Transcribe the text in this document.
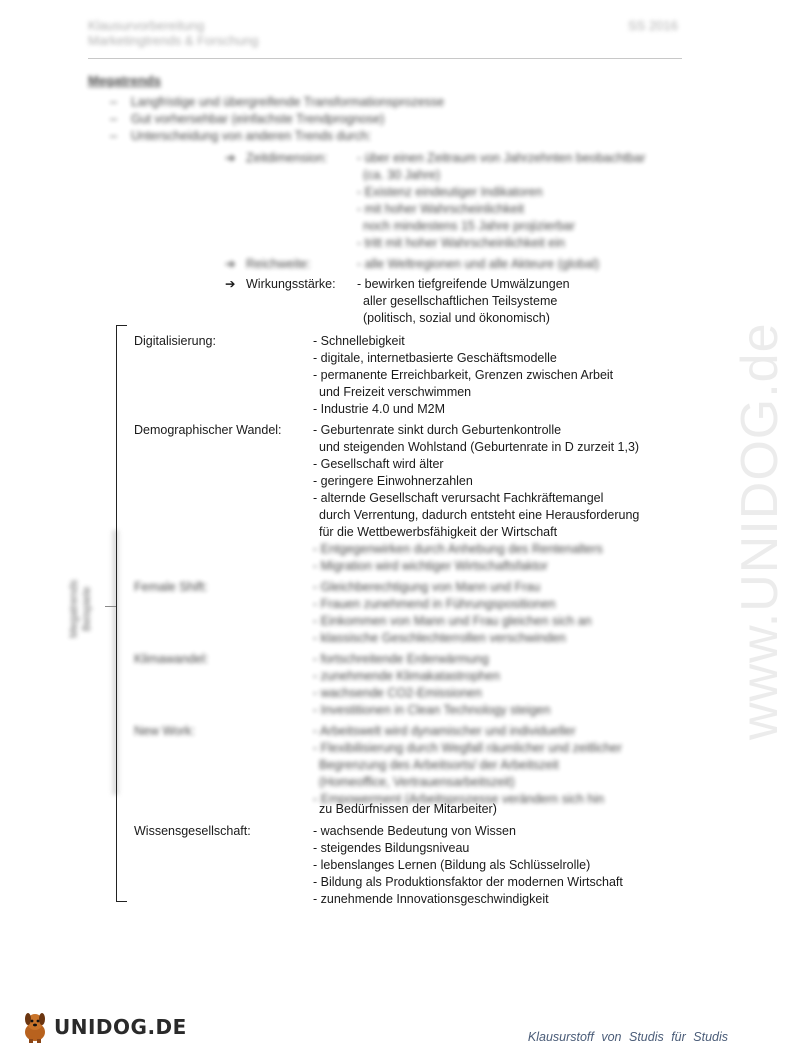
Klausurvorbereitung
Marketingtrends & Forschung
SS 2016
Megatrends
–    Langfristige und übergreifende Transformationsprozesse
–    Gut vorhersehbar (einfachste Trendprognose)
–    Unterscheidung von anderen Trends durch:
➔ Zeitdimension: - über einen Zeitraum von Jahrzehnten beobachtbar
(ca. 30 Jahre)
- Existenz eindeutiger Indikatoren
- mit hoher Wahrscheinlichkeit
noch mindestens 15 Jahre projizierbar
- tritt mit hoher Wahrscheinlichkeit ein
➔ Reichweite:	- alle Weltregionen und alle Akteure (global)
➔ Wirkungsstärke: - bewirken tiefgreifende Umwälzungen
aller gesellschaftlichen Teilsysteme
(politisch, sozial und ökonomisch)
Megatrends Beispiele
Digitalisierung:	- Schnellebigkeit
- digitale, internetbasierte Geschäftsmodelle
- permanente Erreichbarkeit, Grenzen zwischen Arbeit
und Freizeit verschwimmen
- Industrie 4.0 und M2M
Demographischer Wandel:	- Geburtenrate sinkt durch Geburtenkontrolle
und steigenden Wohlstand (Geburtenrate in D zurzeit 1,3)
- Gesellschaft wird älter
- geringere Einwohnerzahlen
- alternde Gesellschaft verursacht Fachkräftemangel
durch Verrentung, dadurch entsteht eine Herausforderung
für die Wettbewerbsfähigkeit der Wirtschaft
- Entgegenwirken durch Anhebung des Rentenalters
- Migration wird wichtiger Wirtschaftsfaktor
Female Shift:	- Gleichberechtigung von Mann und Frau
- Frauen zunehmend in Führungspositionen
- Einkommen von Mann und Frau gleichen sich an
- klassische Geschlechterrollen verschwinden
Klimawandel:	- fortschreitende Erderwärmung
- zunehmende Klimakatastrophen
- wachsende CO2-Emissionen
- Investitionen in Clean Technology steigen
New Work:	- Arbeitswelt wird dynamischer und individueller
- Flexibilisierung durch Wegfall räumlicher und zeitlicher
Begrenzung des Arbeitsorts/ der Arbeitszeit
(Homeoffice, Vertrauensarbeitszeit)
- Empowerment (Arbeitsprozesse verändern sich hin
zu Bedürfnissen der Mitarbeiter)
Wissensgesellschaft:	- wachsende Bedeutung von Wissen
- steigendes Bildungsniveau
- lebenslanges Lernen (Bildung als Schlüsselrolle)
- Bildung als Produktionsfaktor der modernen Wirtschaft
- zunehmende Innovationsgeschwindigkeit
www.UNIDOG.de
UNIDOG.DE	Klausurstoff von Studis für Studis
